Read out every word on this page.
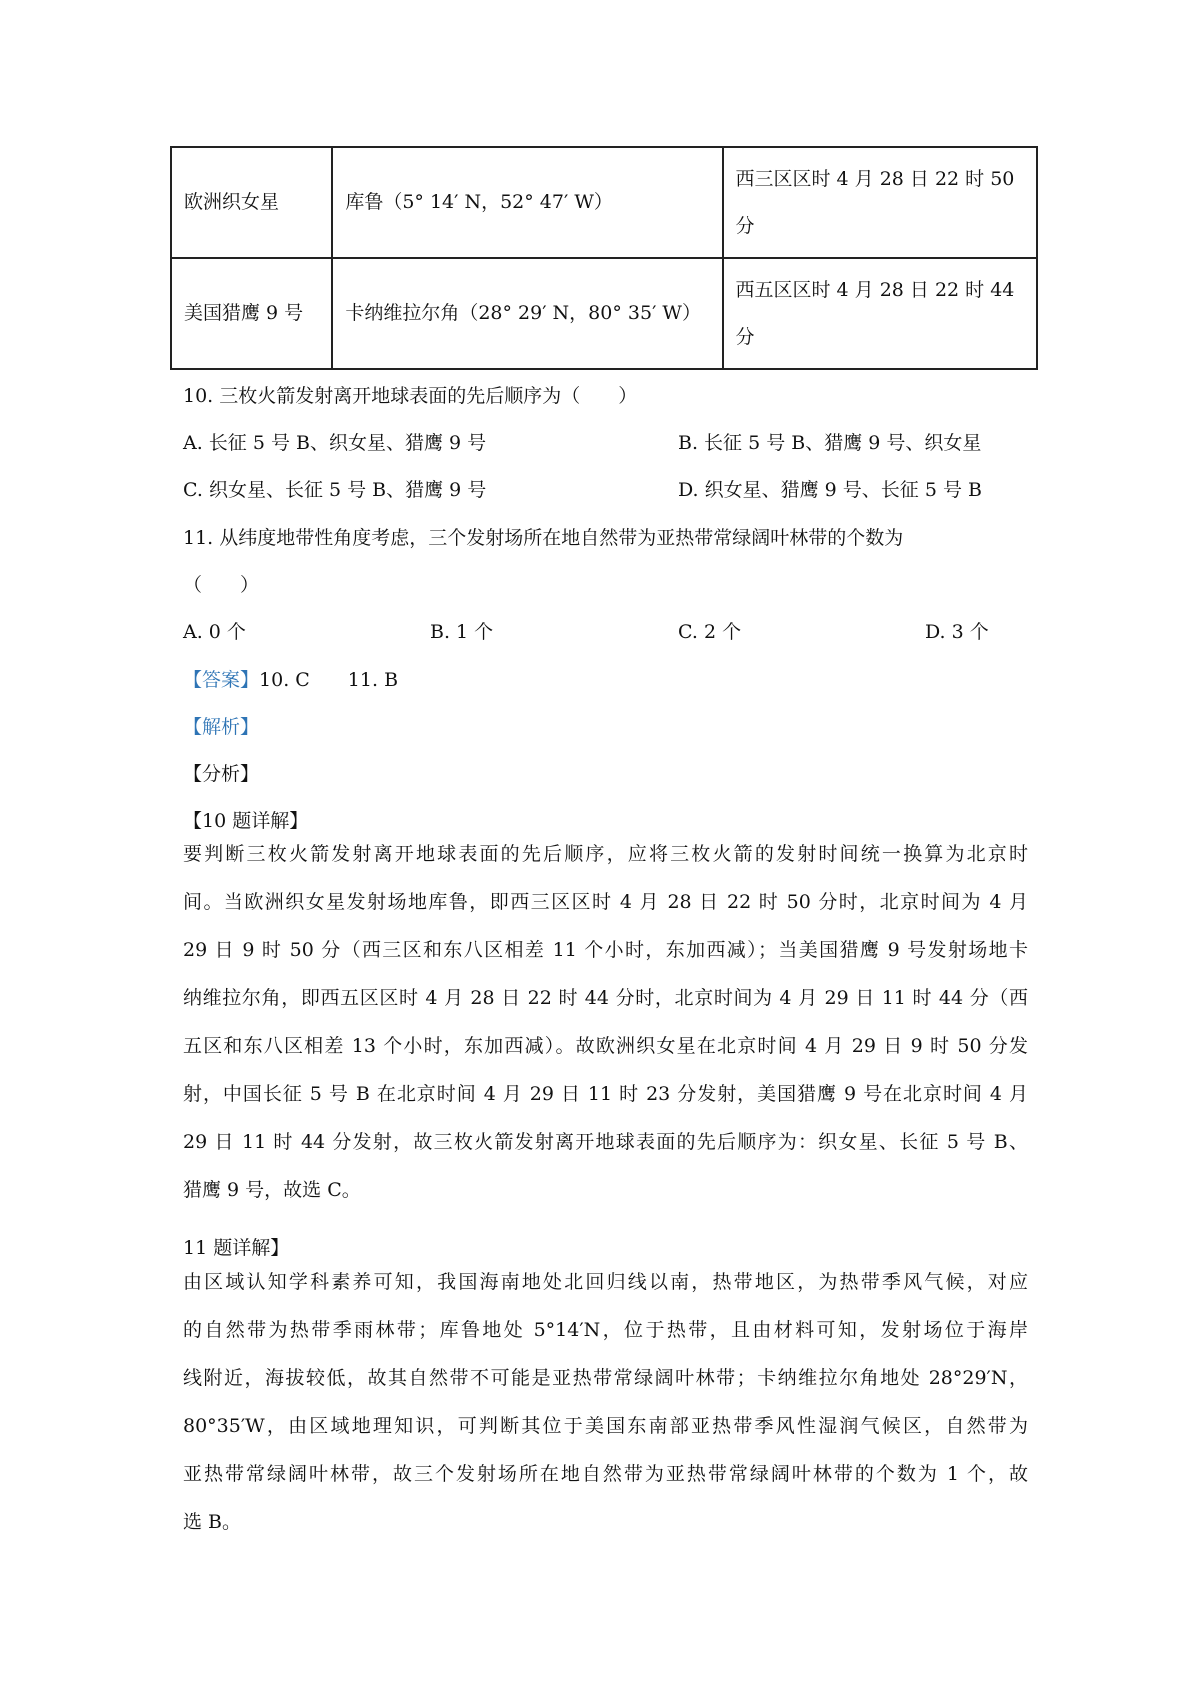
欧洲织女星	库鲁（5° 14′ N，52° 47′ W）	西三区区时 4 月 28 日 22 时 50
分

美国猎鹰 9 号	卡纳维拉尔角（28° 29′ N，80° 35′ W）	西五区区时 4 月 28 日 22 时 44
分
10. 三枚火箭发射离开地球表面的先后顺序为（　　）
A. 长征 5 号 B、织女星、猎鹰 9 号	B. 长征 5 号 B、猎鹰 9 号、织女星
C. 织女星、长征 5 号 B、猎鹰 9 号	D. 织女星、猎鹰 9 号、长征 5 号 B
11. 从纬度地带性角度考虑，三个发射场所在地自然带为亚热带常绿阔叶林带的个数为
（　　）
A. 0 个	B. 1 个	C. 2 个	D. 3 个
【答案】10. C　　11. B
【解析】
【分析】
【10 题详解】
要判断三枚火箭发射离开地球表面的先后顺序，应将三枚火箭的发射时间统一换算为北京时
间。当欧洲织女星发射场地库鲁，即西三区区时 4 月 28 日 22 时 50 分时，北京时间为 4 月
29 日 9 时 50 分（西三区和东八区相差 11 个小时，东加西减）；当美国猎鹰 9 号发射场地卡
纳维拉尔角，即西五区区时 4 月 28 日 22 时 44 分时，北京时间为 4 月 29 日 11 时 44 分（西
五区和东八区相差 13 个小时，东加西减）。故欧洲织女星在北京时间 4 月 29 日 9 时 50 分发
射，中国长征 5 号 B 在北京时间 4 月 29 日 11 时 23 分发射，美国猎鹰 9 号在北京时间 4 月
29 日 11 时 44 分发射，故三枚火箭发射离开地球表面的先后顺序为：织女星、长征 5 号 B、
猎鹰 9 号，故选 C。
11 题详解】
由区域认知学科素养可知，我国海南地处北回归线以南，热带地区，为热带季风气候，对应
的自然带为热带季雨林带；库鲁地处 5°14′N，位于热带，且由材料可知，发射场位于海岸
线附近，海拔较低，故其自然带不可能是亚热带常绿阔叶林带；卡纳维拉尔角地处 28°29′N，
80°35′W，由区域地理知识，可判断其位于美国东南部亚热带季风性湿润气候区，自然带为
亚热带常绿阔叶林带，故三个发射场所在地自然带为亚热带常绿阔叶林带的个数为 1 个，故
选 B。
